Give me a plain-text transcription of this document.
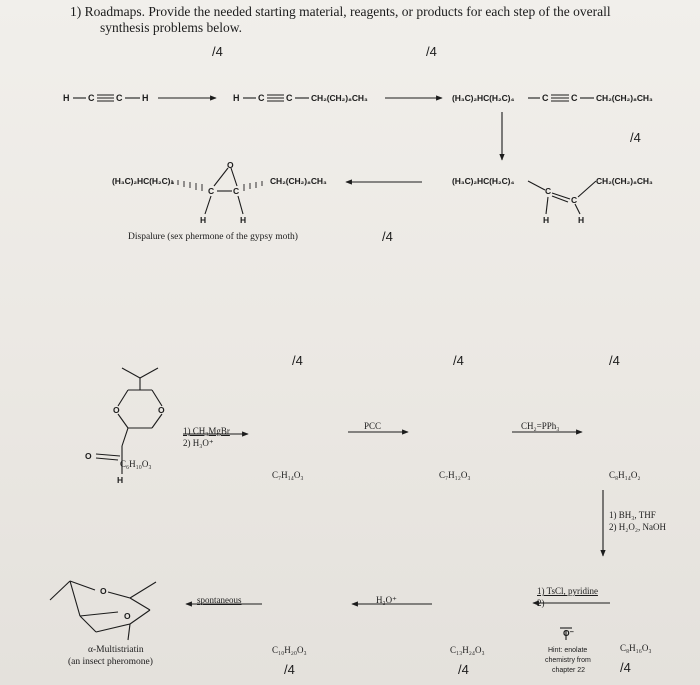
1) Roadmaps. Provide the needed starting material, reagents, or products for each step of the overall
synthesis problems below.
/4	/4
H C C H	H C C CH₂(CH₂)₈CH₃	(H₃C)₂HC(H₂C)₄	C	C CH₂(CH₂)₈CH₃
/4
(H₃C)₂HC(H₂C)₄	CH₂(CH₂)₈CH₃
C
C
H	H
(H₃C)₂HC(H₂C)₄
O
C C
CH₂(CH₂)₈CH₃
H	H
Dispalure (sex phermone of the gypsy moth)	/4
/4	/4	/4
O	O
O
H
C₆H₁₀O₃
1) CH₃MgBr
2) H₃O⁺
C₇H₁₄O₃
PCC
C₇H₁₂O₃
CH₂=PPh₃
C₈H₁₄O₂
1) BH₃, THF
2) H₂O₂, NaOH
1) TsCl, pyridine
2)
O⁻
Hint: enolate
chemistry from
chapter 22
C₈H₁₆O₃
/4
C₁₃H₂₄O₃
/4
H₃O⁺
C₁₀H₂₀O₃
/4
spontaneous
O
O
α-Multistriatin
(an insect pheromone)
